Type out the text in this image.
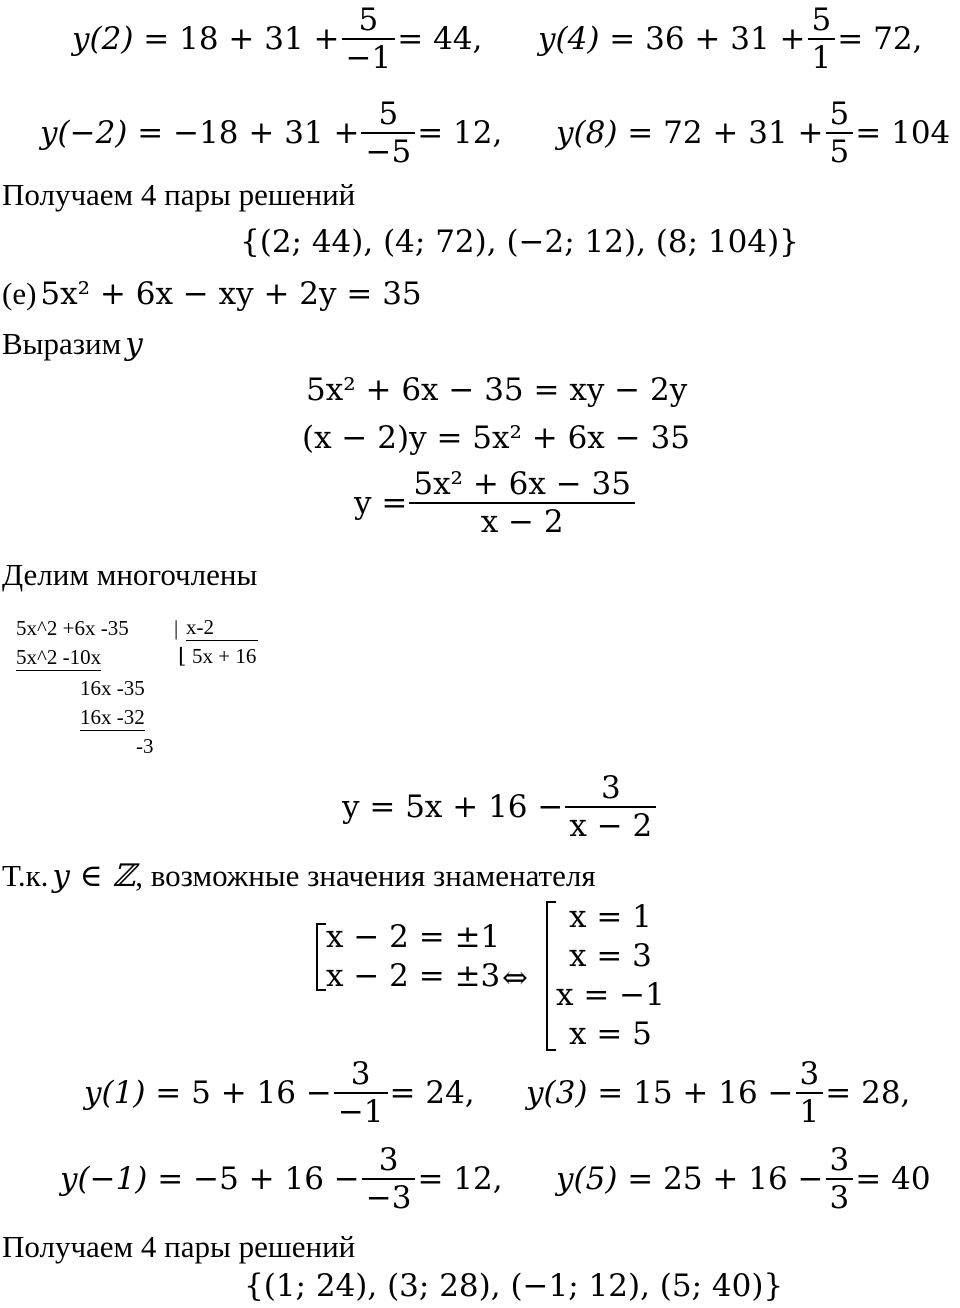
y(2)
= $18 + 31 + \frac{5}{-1} = 44$, y(4)
= $36 + 31 + \frac{5}{1} = 72$,
y(−2)
= $-18 + 31 + \frac{5}{-5} = 12$, y(8)
= $72 + 31 + \frac{5}{5} = 104$
Получаем 4 пары решений
{(2; 44), (4; 72), (−2; 12), (8; 104)}
(e)
5x² + 6x − xy + 2y = 35
Выразим
y
5x² + 6x − 35 = xy − 2y
(x − 2)y = 5x² + 6x − 35
$y = \frac{\text{5x² + 6x − 35}}{x - 2}$
Делим многочлены
5x^2 +6x -35 | x-2
5x^2 -10x	⌊ 5x + 16
16x -35
16x -32
-3
$y = 5x + 16 - \frac{3}{x - 2}$
Т.к.
y ∈ ℤ , возможные значения знаменателя
x − 2 = ±1
x − 2 = ±3 ⇔
x = 1
x = 3
x = −1
x = 5
y(1)
= $5 + 16 - \frac{3}{-1} = 24$, y(3)
= $15 + 16 - \frac{3}{1} = 28$,
y(−1)
= $-5 + 16 - \frac{3}{-3} = 12$, y(5)
= $25 + 16 - \frac{3}{3} = 40$
Получаем 4 пары решений
{(1; 24), (3; 28), (−1; 12), (5; 40)}
